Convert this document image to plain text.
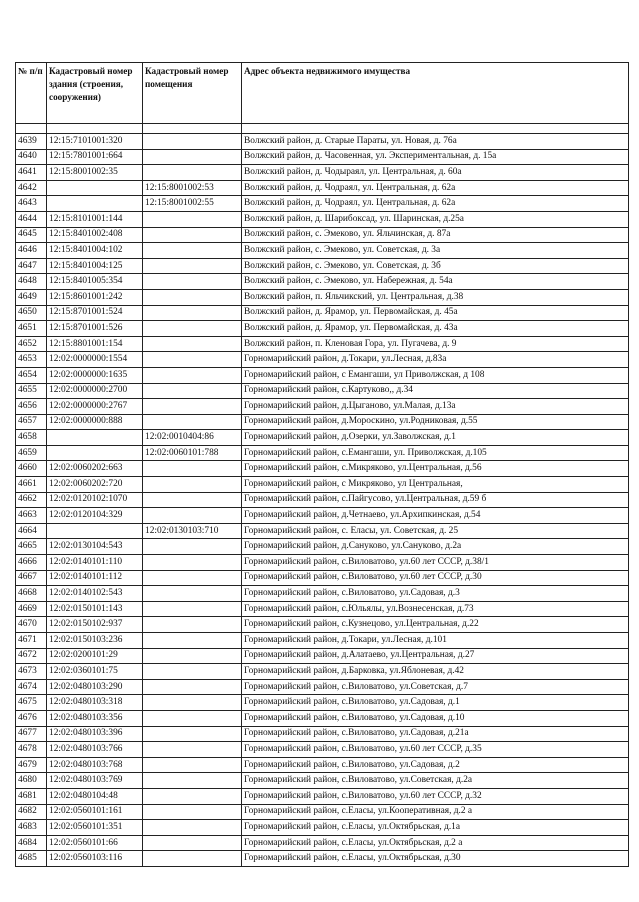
№ п/п	Кадастровый номер здания (строения, сооружения)	Кадастровый номер помещения	Адрес объекта недвижимого имущества

4639	12:15:7101001:320		Волжский район, д. Старые Параты, ул. Новая, д. 76а
4640	12:15:7801001:664		Волжский район, д. Часовенная, ул. Экспериментальная, д. 15а
4641	12:15:8001002:35		Волжский район, д. Чодыраял, ул. Центральная, д. 60а
4642		12:15:8001002:53	Волжский район, д. Чодраял, ул. Центральная, д. 62а
4643		12:15:8001002:55	Волжский район, д. Чодраял, ул. Центральная, д. 62а
4644	12:15:8101001:144		Волжский район, д. Шарибоксад, ул. Шаринская, д.25а
4645	12:15:8401002:408		Волжский район, с. Эмеково, ул. Яльчинская, д. 87а
4646	12:15:8401004:102		Волжский район, с. Эмеково, ул. Советская, д. 3а
4647	12:15:8401004:125		Волжский район, с. Эмеково, ул. Советская, д. 3б
4648	12:15:8401005:354		Волжский район, с. Эмеково, ул. Набережная, д. 54а
4649	12:15:8601001:242		Волжский район, п. Яльчикский, ул. Центральная, д.38
4650	12:15:8701001:524		Волжский район, д. Ярамор, ул. Первомайская, д. 45а
4651	12:15:8701001:526		Волжский район, д. Ярамор, ул. Первомайская, д. 43а
4652	12:15:8801001:154		Волжский район, п. Кленовая Гора, ул. Пугачева, д. 9
4653	12:02:0000000:1554		Горномарийский район, д.Токари, ул.Лесная, д.83а
4654	12:02:0000000:1635		Горномарийский район, с Емангаши, ул Приволжская, д 108
4655	12:02:0000000:2700		Горномарийский район, с.Картуково,, д.34
4656	12:02:0000000:2767		Горномарийский район, д.Цыганово, ул.Малая, д.13а
4657	12:02:0000000:888		Горномарийский район, д.Мороскино, ул.Родниковая, д.55
4658		12:02:0010404:86	Горномарийский район, д.Озерки, ул.Заволжская, д.1
4659		12:02:0060101:788	Горномарийский район, с.Емангаши, ул. Приволжская, д.105
4660	12:02:0060202:663		Горномарийский район, с.Микряково, ул.Центральная, д.56
4661	12:02:0060202:720		Горномарийский район, с Микряково, ул Центральная,
4662	12:02:0120102:1070		Горномарийский район, с.Пайгусово, ул.Центральная, д.59 б
4663	12:02:0120104:329		Горномарийский район, д.Четнаево, ул.Архипкинская, д.54
4664		12:02:0130103:710	Горномарийский район, с. Еласы, ул. Советская, д. 25
4665	12:02:0130104:543		Горномарийский район, д.Сануково, ул.Сануково, д.2а
4666	12:02:0140101:110		Горномарийский район, с.Виловатово, ул.60 лет СССР, д.38/1
4667	12:02:0140101:112		Горномарийский район, с.Виловатово, ул.60 лет СССР, д.30
4668	12:02:0140102:543		Горномарийский район, с.Виловатово, ул.Садовая, д.3
4669	12:02:0150101:143		Горномарийский район, с.Юльялы, ул.Вознесенская, д.73
4670	12:02:0150102:937		Горномарийский район, с.Кузнецово, ул.Центральная, д.22
4671	12:02:0150103:236		Горномарийский район, д.Токари, ул.Лесная, д.101
4672	12:02:0200101:29		Горномарийский район, д.Алатаево, ул.Центральная, д.27
4673	12:02:0360101:75		Горномарийский район, д.Барковка, ул.Яблоневая, д.42
4674	12:02:0480103:290		Горномарийский район, с.Виловатово, ул.Советская, д.7
4675	12:02:0480103:318		Горномарийский район, с.Виловатово, ул.Садовая, д.1
4676	12:02:0480103:356		Горномарийский район, с.Виловатово, ул.Садовая, д.10
4677	12:02:0480103:396		Горномарийский район, с.Виловатово, ул.Садовая, д.21а
4678	12:02:0480103:766		Горномарийский район, с.Виловатово, ул.60 лет СССР, д.35
4679	12:02:0480103:768		Горномарийский район, с.Виловатово, ул.Садовая, д.2
4680	12:02:0480103:769		Горномарийский район, с.Виловатово, ул.Советская, д.2а
4681	12:02:0480104:48		Горномарийский район, с.Виловатово, ул.60 лет СССР, д.32
4682	12:02:0560101:161		Горномарийский район, с.Еласы, ул.Кооперативная, д.2 а
4683	12:02:0560101:351		Горномарийский район, с.Еласы, ул.Октябрьская, д.1а
4684	12:02:0560101:66		Горномарийский район, с.Еласы, ул.Октябрьская, д.2 а
4685	12:02:0560103:116		Горномарийский район, с.Еласы, ул.Октябрьская, д.30
